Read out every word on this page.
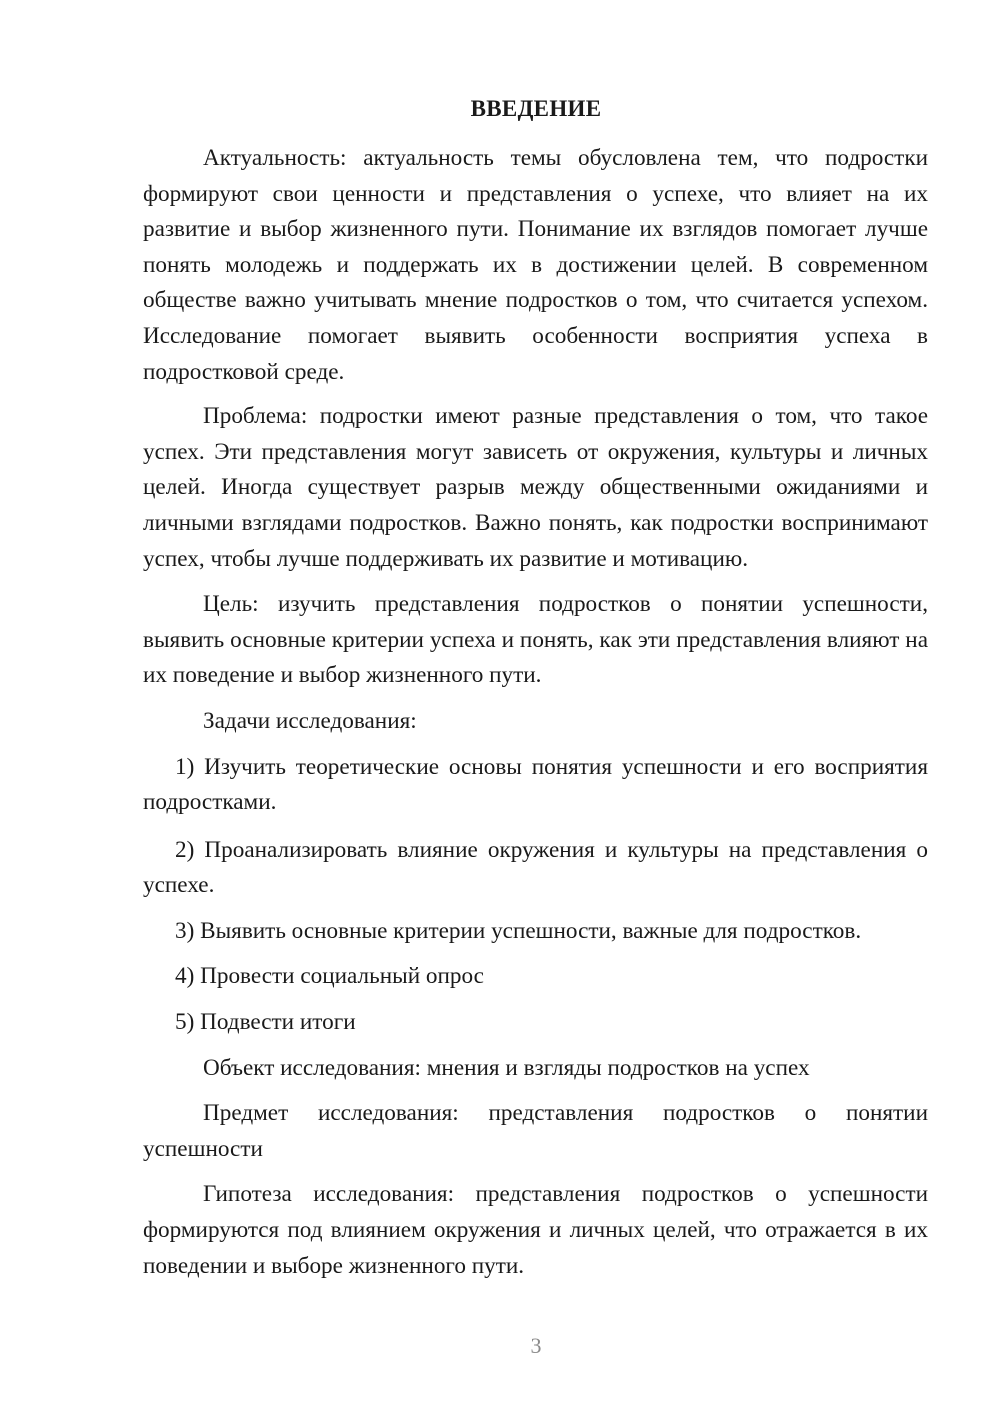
ВВЕДЕНИЕ

Актуальность: актуальность темы обусловлена тем, что подростки формируют свои ценности и представления о успехе, что влияет на их развитие и выбор жизненного пути. Понимание их взглядов помогает лучше понять молодежь и поддержать их в достижении целей. В современном обществе важно учитывать мнение подростков о том, что считается успехом. Исследование помогает выявить особенности восприятия успеха в подростковой среде.

Проблема: подростки имеют разные представления о том, что такое успех. Эти представления могут зависеть от окружения, культуры и личных целей. Иногда существует разрыв между общественными ожиданиями и личными взглядами подростков. Важно понять, как подростки воспринимают успех, чтобы лучше поддерживать их развитие и мотивацию.

Цель: изучить представления подростков о понятии успешности, выявить основные критерии успеха и понять, как эти представления влияют на их поведение и выбор жизненного пути.

Задачи исследования:

1) Изучить теоретические основы понятия успешности и его восприятия подростками.

2) Проанализировать влияние окружения и культуры на представления о успехе.

3) Выявить основные критерии успешности, важные для подростков.

4) Провести социальный опрос

5) Подвести итоги

Объект исследования: мнения и взгляды подростков на успех

Предмет исследования: представления подростков о понятии успешности

Гипотеза исследования: представления подростков о успешности формируются под влиянием окружения и личных целей, что отражается в их поведении и выборе жизненного пути.

3
